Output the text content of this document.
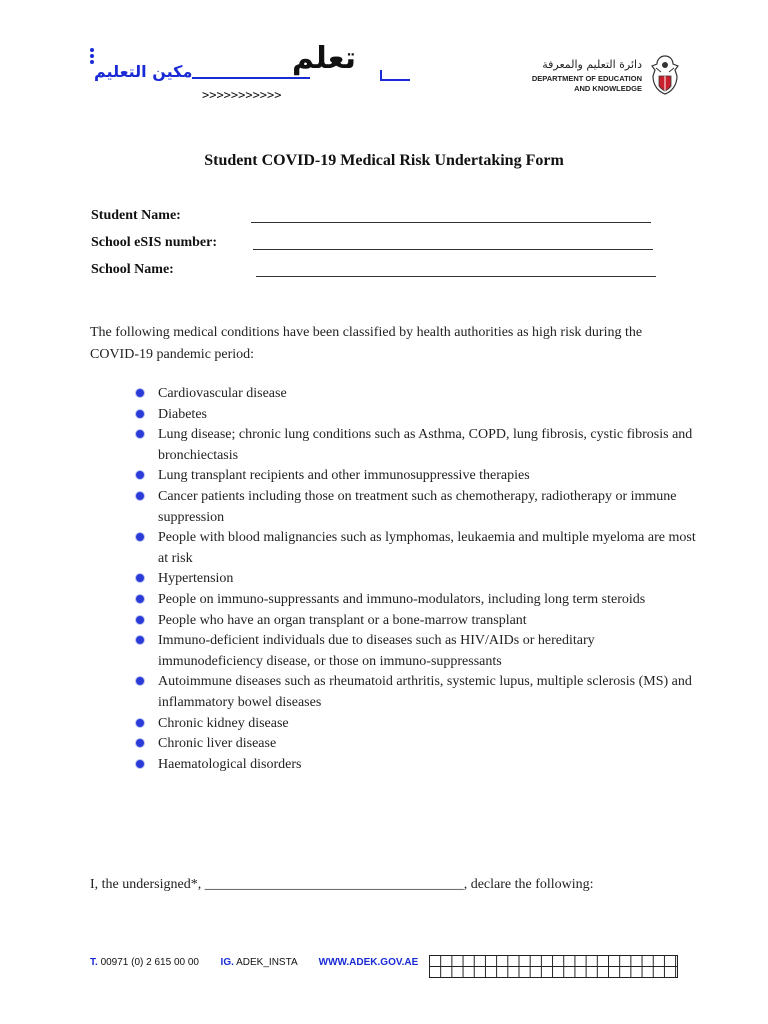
مكين التعليم	تعلم
>>>>>>>>>>>
دائرة التعليم والمعرفة
DEPARTMENT OF EDUCATION
AND KNOWLEDGE
Student COVID-19 Medical Risk Undertaking Form
Student Name:
School eSIS number:
School Name:
The following medical conditions have been classified by health authorities as high risk during the COVID-19 pandemic period:
Cardiovascular disease
Diabetes
Lung disease; chronic lung conditions such as Asthma, COPD, lung fibrosis, cystic fibrosis and bronchiectasis
Lung transplant recipients and other immunosuppressive therapies
Cancer patients including those on treatment such as chemotherapy, radiotherapy or immune suppression
People with blood malignancies such as lymphomas, leukaemia and multiple myeloma are most at risk
Hypertension
People on immuno-suppressants and immuno-modulators, including long term steroids
People who have an organ transplant or a bone-marrow transplant
Immuno-deficient individuals due to diseases such as HIV/AIDs or hereditary immunodeficiency disease, or those on immuno-suppressants
Autoimmune diseases such as rheumatoid arthritis, systemic lupus, multiple sclerosis (MS) and inflammatory bowel diseases
Chronic kidney disease
Chronic liver disease
Haematological disorders
I, the undersigned*, _____________________________________, declare the following:
T. 00971 (0) 2 615 00 00 IG. ADEK_INSTA WWW.ADEK.GOV.AE
